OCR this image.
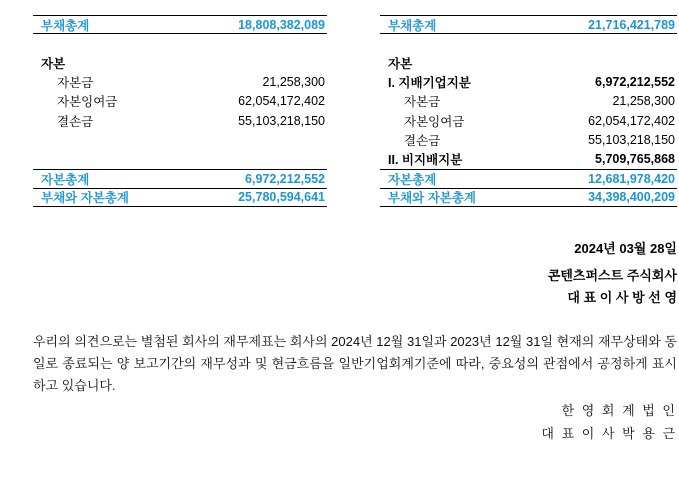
부채총계	18,808,382,089
자본
자본금	21,258,300
자본잉여금	62,054,172,402
결손금	55,103,218,150
자본총계	6,972,212,552
부채와 자본총계	25,780,594,641
부채총계	21,716,421,789
자본
I. 지배기업지분	6,972,212,552
자본금	21,258,300
자본잉여금	62,054,172,402
결손금	55,103,218,150
II. 비지배지분	5,709,765,868
자본총계	12,681,978,420
부채와 자본총계	34,398,400,209
2024년 03월 28일
콘텐츠퍼스트 주식회사
대 표 이 사 방 선 영
우리의 의견으로는 별첨된 회사의 재무제표는 회사의 2024년 12월 31일과 2023년 12월 31일 현재의 재무상태와 동일로 종료되는 양 보고기간의 재무성과 및 현금흐름을 일반기업회계기준에 따라, 중요성의 관점에서 공정하게 표시하고 있습니다.
한 영 회 계 법 인
대 표 이 사 박 용 근
